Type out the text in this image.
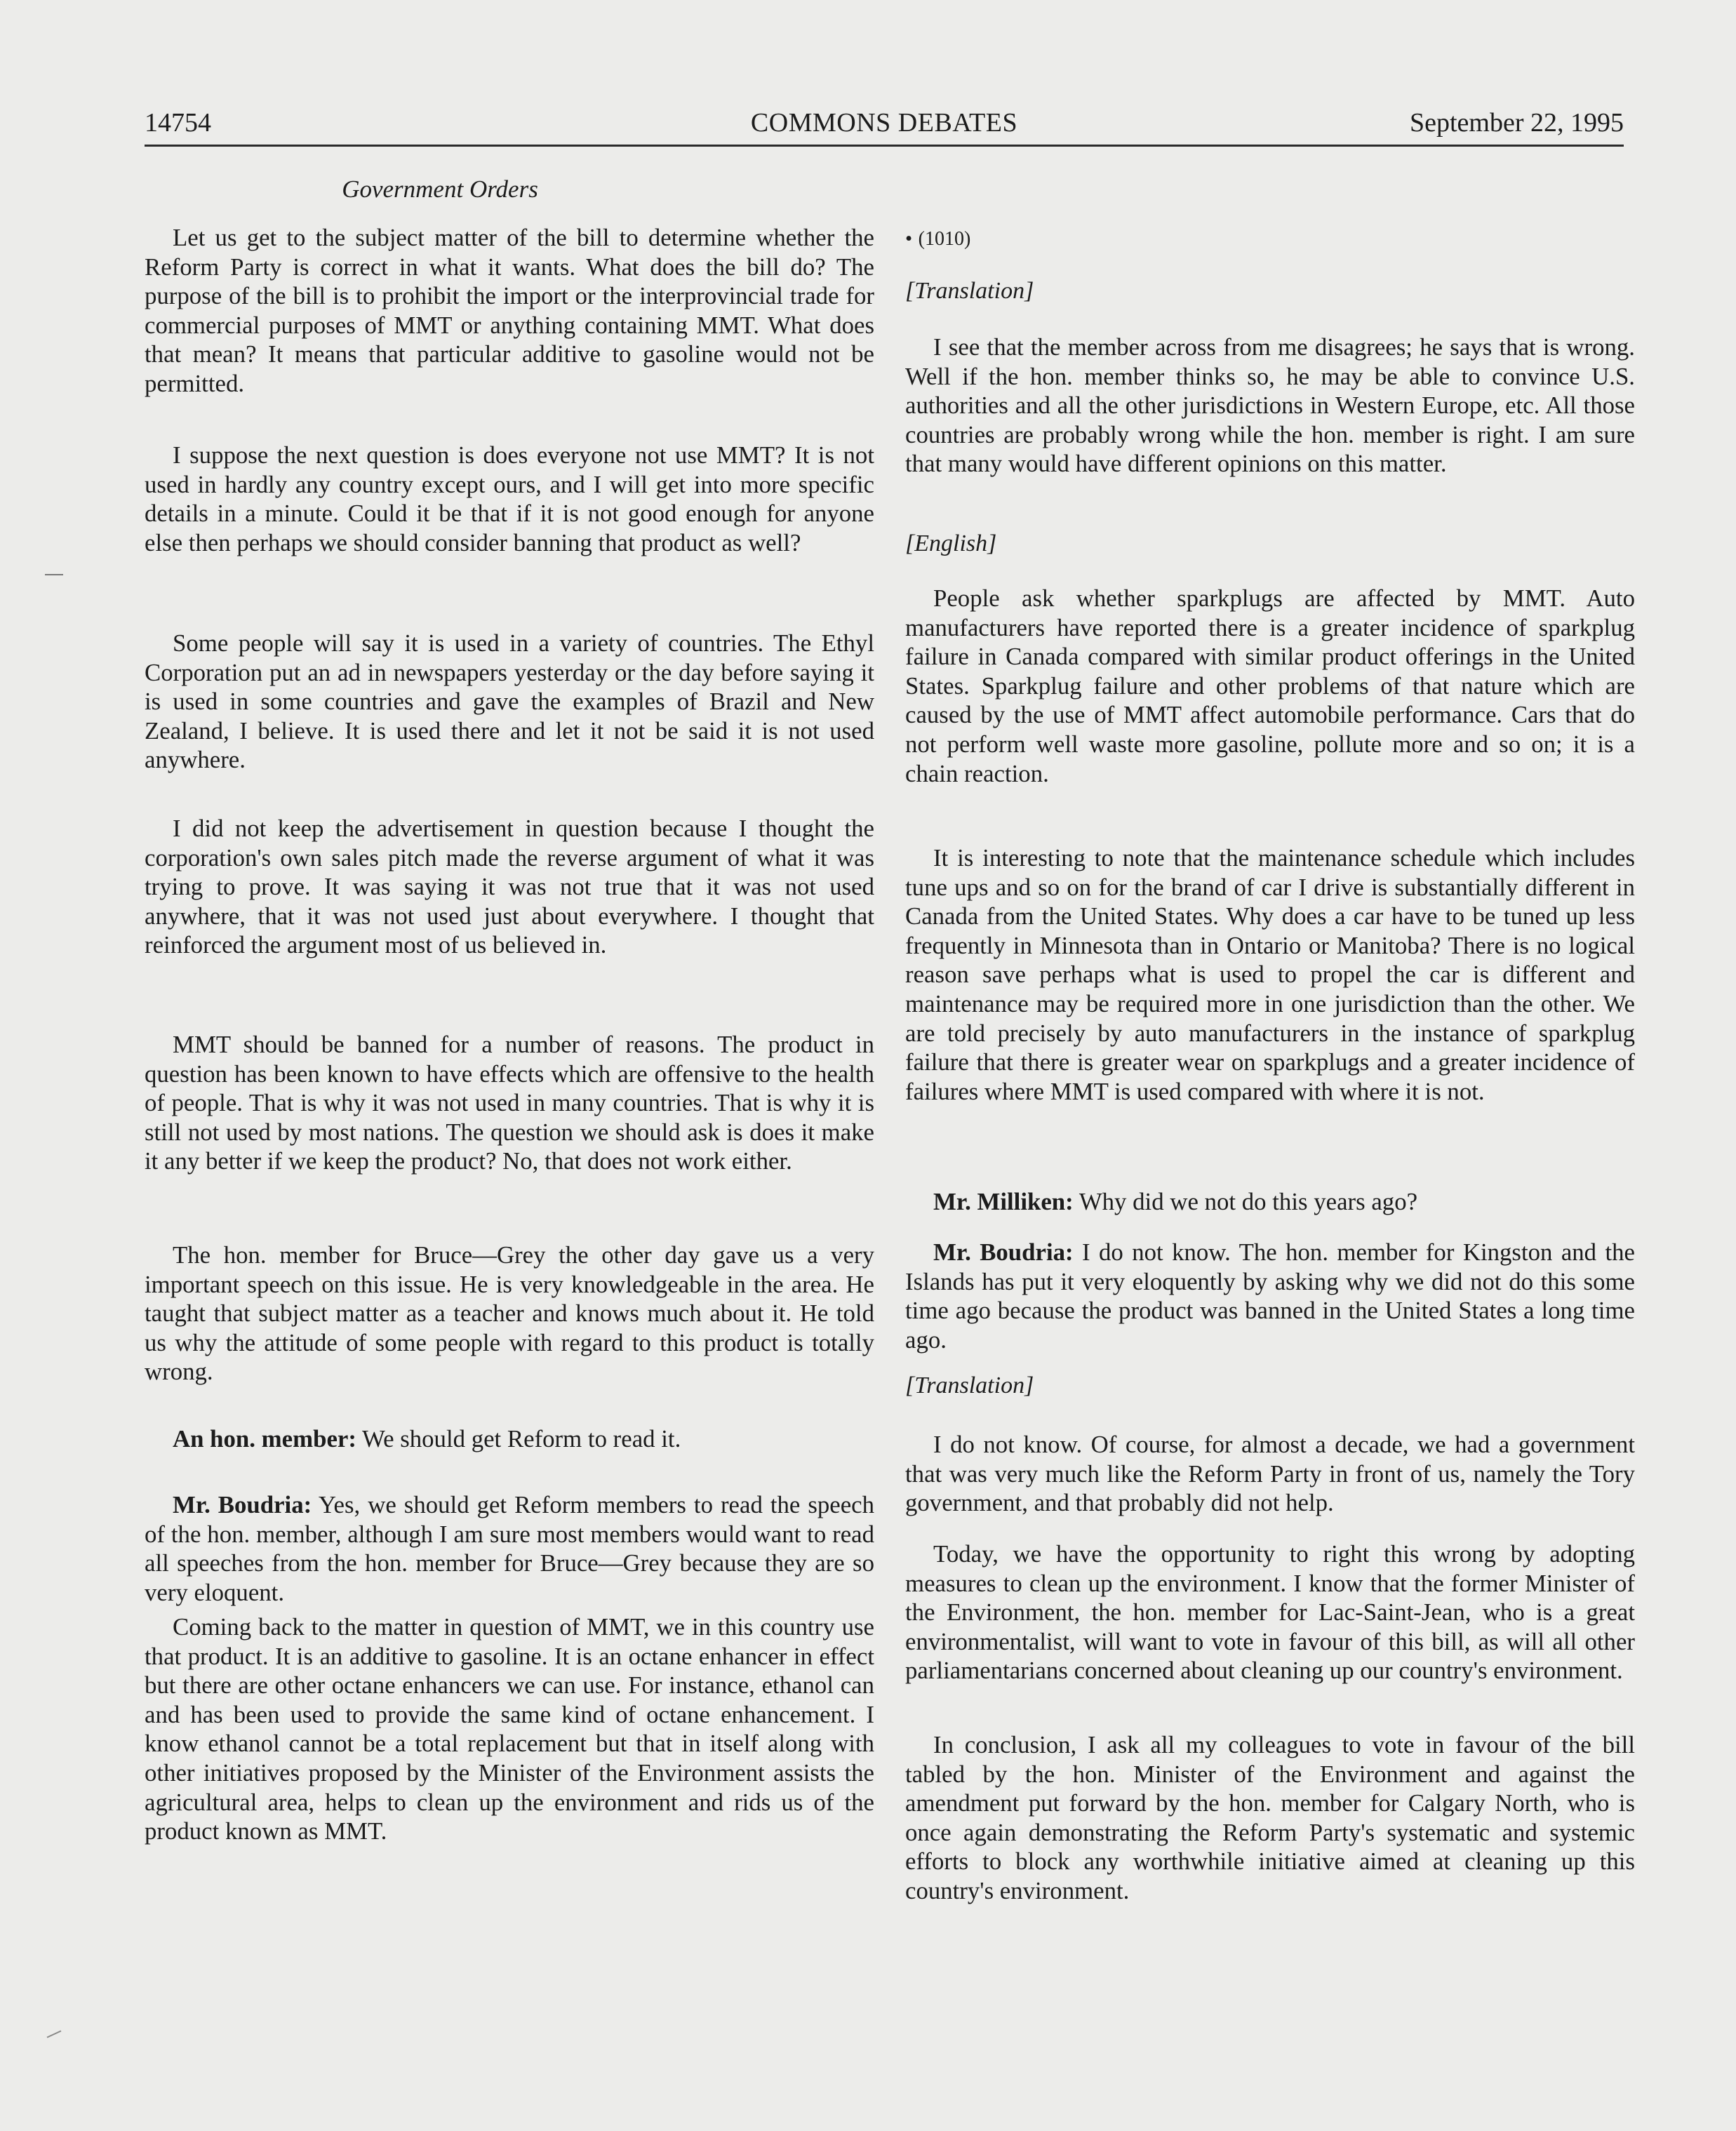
14754	COMMONS DEBATES	September 22, 1995
Government Orders

Let us get to the subject matter of the bill to determine whether the Reform Party is correct in what it wants. What does the bill do? The purpose of the bill is to prohibit the import or the interprovincial trade for commercial purposes of MMT or anything containing MMT. What does that mean? It means that particular additive to gasoline would not be permitted.

I suppose the next question is does everyone not use MMT? It is not used in hardly any country except ours, and I will get into more specific details in a minute. Could it be that if it is not good enough for anyone else then perhaps we should consider banning that product as well?

Some people will say it is used in a variety of countries. The Ethyl Corporation put an ad in newspapers yesterday or the day before saying it is used in some countries and gave the examples of Brazil and New Zealand, I believe. It is used there and let it not be said it is not used anywhere.

I did not keep the advertisement in question because I thought the corporation's own sales pitch made the reverse argument of what it was trying to prove. It was saying it was not true that it was not used anywhere, that it was not used just about everywhere. I thought that reinforced the argument most of us believed in.

MMT should be banned for a number of reasons. The product in question has been known to have effects which are offensive to the health of people. That is why it was not used in many countries. That is why it is still not used by most nations. The question we should ask is does it make it any better if we keep the product? No, that does not work either.

The hon. member for Bruce—Grey the other day gave us a very important speech on this issue. He is very knowledgeable in the area. He taught that subject matter as a teacher and knows much about it. He told us why the attitude of some people with regard to this product is totally wrong.

An hon. member: We should get Reform to read it.

Mr. Boudria: Yes, we should get Reform members to read the speech of the hon. member, although I am sure most members would want to read all speeches from the hon. member for Bruce—Grey because they are so very eloquent.

Coming back to the matter in question of MMT, we in this country use that product. It is an additive to gasoline. It is an octane enhancer in effect but there are other octane enhancers we can use. For instance, ethanol can and has been used to provide the same kind of octane enhancement. I know ethanol cannot be a total replacement but that in itself along with other initiatives proposed by the Minister of the Environment assists the agricultural area, helps to clean up the environment and rids us of the product known as MMT.

• (1010)
[Translation]

I see that the member across from me disagrees; he says that is wrong. Well if the hon. member thinks so, he may be able to convince U.S. authorities and all the other jurisdictions in Western Europe, etc. All those countries are probably wrong while the hon. member is right. I am sure that many would have different opinions on this matter.

[English]

People ask whether sparkplugs are affected by MMT. Auto manufacturers have reported there is a greater incidence of sparkplug failure in Canada compared with similar product offerings in the United States. Sparkplug failure and other problems of that nature which are caused by the use of MMT affect automobile performance. Cars that do not perform well waste more gasoline, pollute more and so on; it is a chain reaction.

It is interesting to note that the maintenance schedule which includes tune ups and so on for the brand of car I drive is substantially different in Canada from the United States. Why does a car have to be tuned up less frequently in Minnesota than in Ontario or Manitoba? There is no logical reason save perhaps what is used to propel the car is different and maintenance may be required more in one jurisdiction than the other. We are told precisely by auto manufacturers in the instance of sparkplug failure that there is greater wear on sparkplugs and a greater incidence of failures where MMT is used compared with where it is not.

Mr. Milliken: Why did we not do this years ago?

Mr. Boudria: I do not know. The hon. member for Kingston and the Islands has put it very eloquently by asking why we did not do this some time ago because the product was banned in the United States a long time ago.

[Translation]

I do not know. Of course, for almost a decade, we had a government that was very much like the Reform Party in front of us, namely the Tory government, and that probably did not help.

Today, we have the opportunity to right this wrong by adopting measures to clean up the environment. I know that the former Minister of the Environment, the hon. member for Lac-Saint-Jean, who is a great environmentalist, will want to vote in favour of this bill, as will all other parliamentarians concerned about cleaning up our country's environment.

In conclusion, I ask all my colleagues to vote in favour of the bill tabled by the hon. Minister of the Environment and against the amendment put forward by the hon. member for Calgary North, who is once again demonstrating the Reform Party's systematic and systemic efforts to block any worthwhile initiative aimed at cleaning up this country's environment.
